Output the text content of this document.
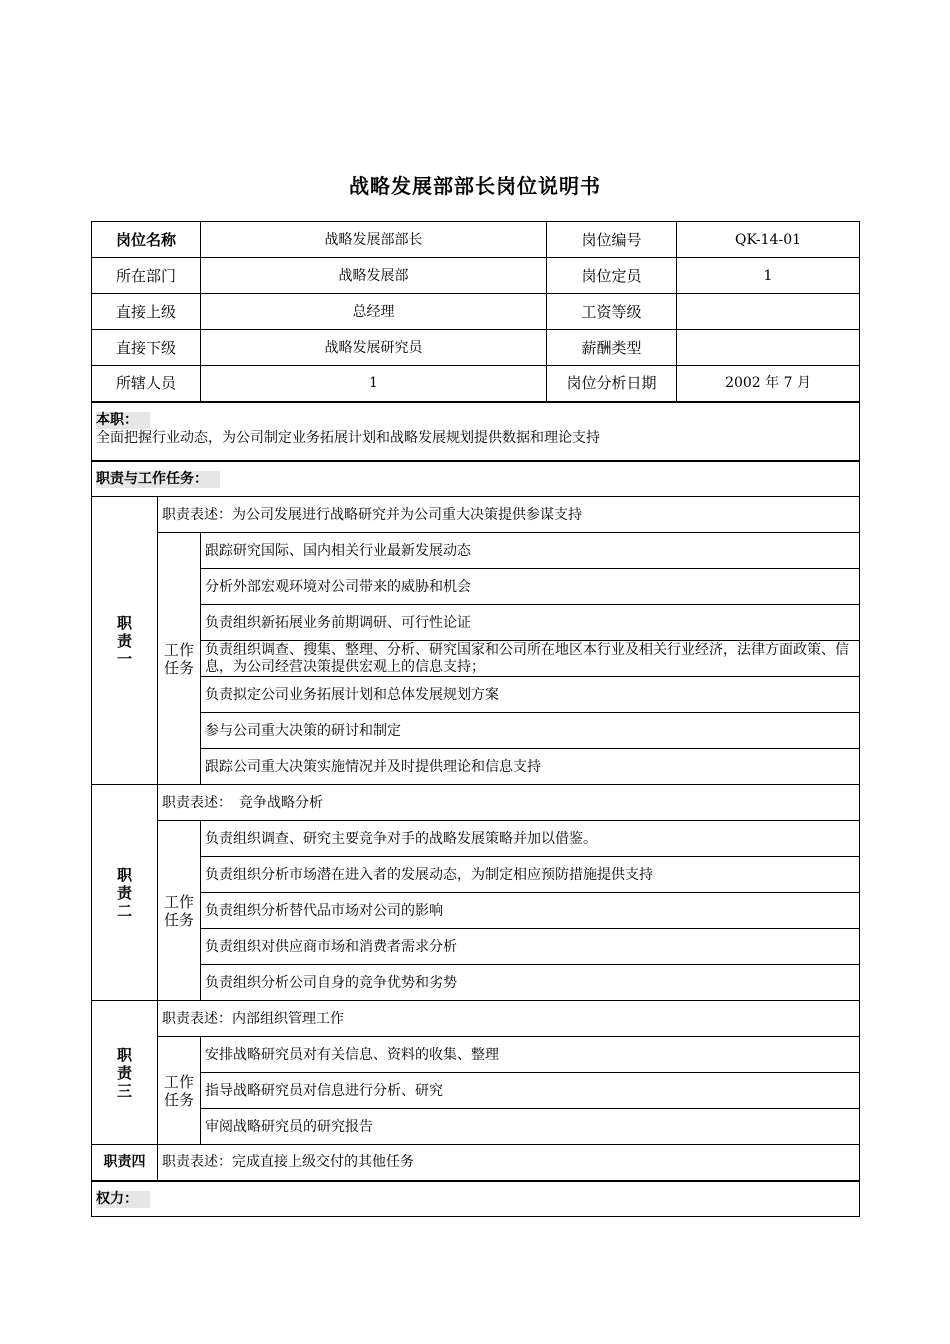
战略发展部部长岗位说明书
岗位名称		战略发展部部长	岗位编号	QK-14-01
所在部门		战略发展部	岗位定员	1
直接上级		总经理	工资等级	
直接下级		战略发展研究员	薪酬类型	
所辖人员		1	岗位分析日期	2002 年 7 月
本职：
全面把握行业动态，为公司制定业务拓展计划和战略发展规划提供数据和理论支持				
职责与工作任务：				
职
责
一	职责表述：为公司发展进行战略研究并为公司重大决策提供参谋支持			
	工作
任务	跟踪研究国际、国内相关行业最新发展动态		
		分析外部宏观环境对公司带来的威胁和机会		
		负责组织新拓展业务前期调研、可行性论证		
		负责组织调查、搜集、整理、分析、研究国家和公司所在地区本行业及相关行业经济，法律方面政策、信息，为公司经营决策提供宏观上的信息支持；		
		负责拟定公司业务拓展计划和总体发展规划方案		
		参与公司重大决策的研讨和制定		
		跟踪公司重大决策实施情况并及时提供理论和信息支持		
职
责
二	职责表述：　竞争战略分析			
	工作
任务	负责组织调查、研究主要竞争对手的战略发展策略并加以借鉴。		
		负责组织分析市场潜在进入者的发展动态，为制定相应预防措施提供支持		
		负责组织分析替代品市场对公司的影响		
		负责组织对供应商市场和消费者需求分析		
		负责组织分析公司自身的竞争优势和劣势		
职
责
三	职责表述：内部组织管理工作			
	工作
任务	安排战略研究员对有关信息、资料的收集、整理		
		指导战略研究员对信息进行分析、研究		
		审阅战略研究员的研究报告		
职责四	职责表述：完成直接上级交付的其他任务			
权力：				
